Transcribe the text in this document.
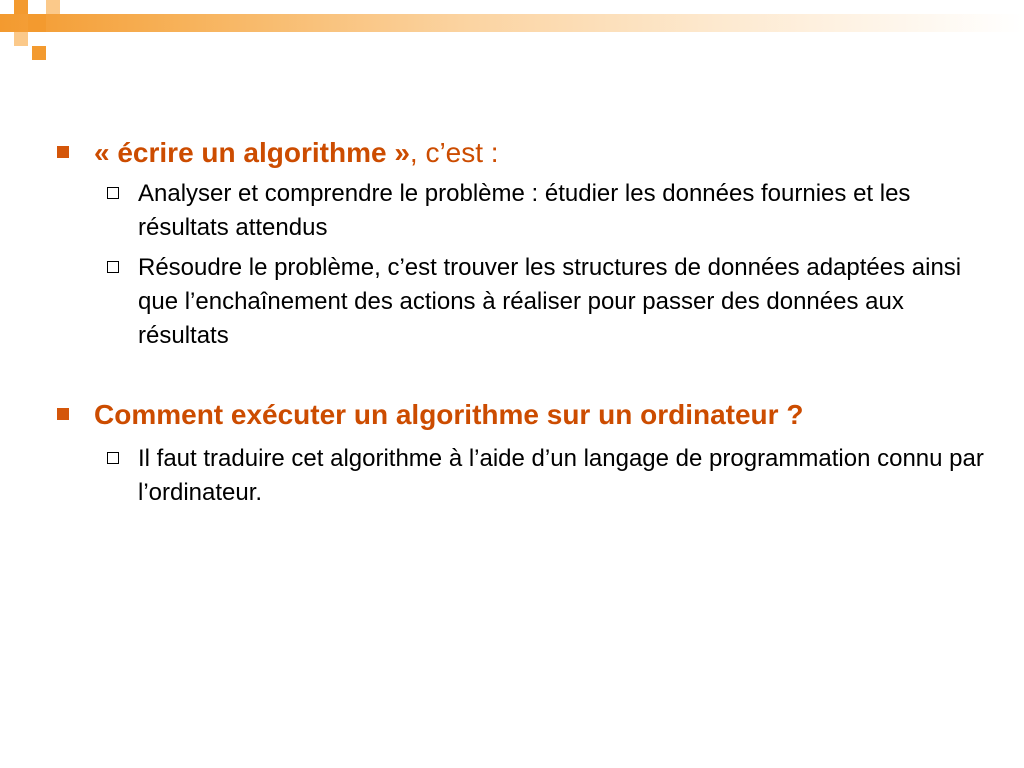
« écrire un algorithme », c’est :
Analyser et comprendre le problème : étudier les données fournies et les résultats attendus
Résoudre le problème, c’est trouver les structures de données adaptées ainsi que l’enchaînement des actions à réaliser pour passer des données aux résultats
Comment exécuter un algorithme sur un ordinateur ?
Il faut traduire cet algorithme à l’aide d’un langage de programmation connu par l’ordinateur.
